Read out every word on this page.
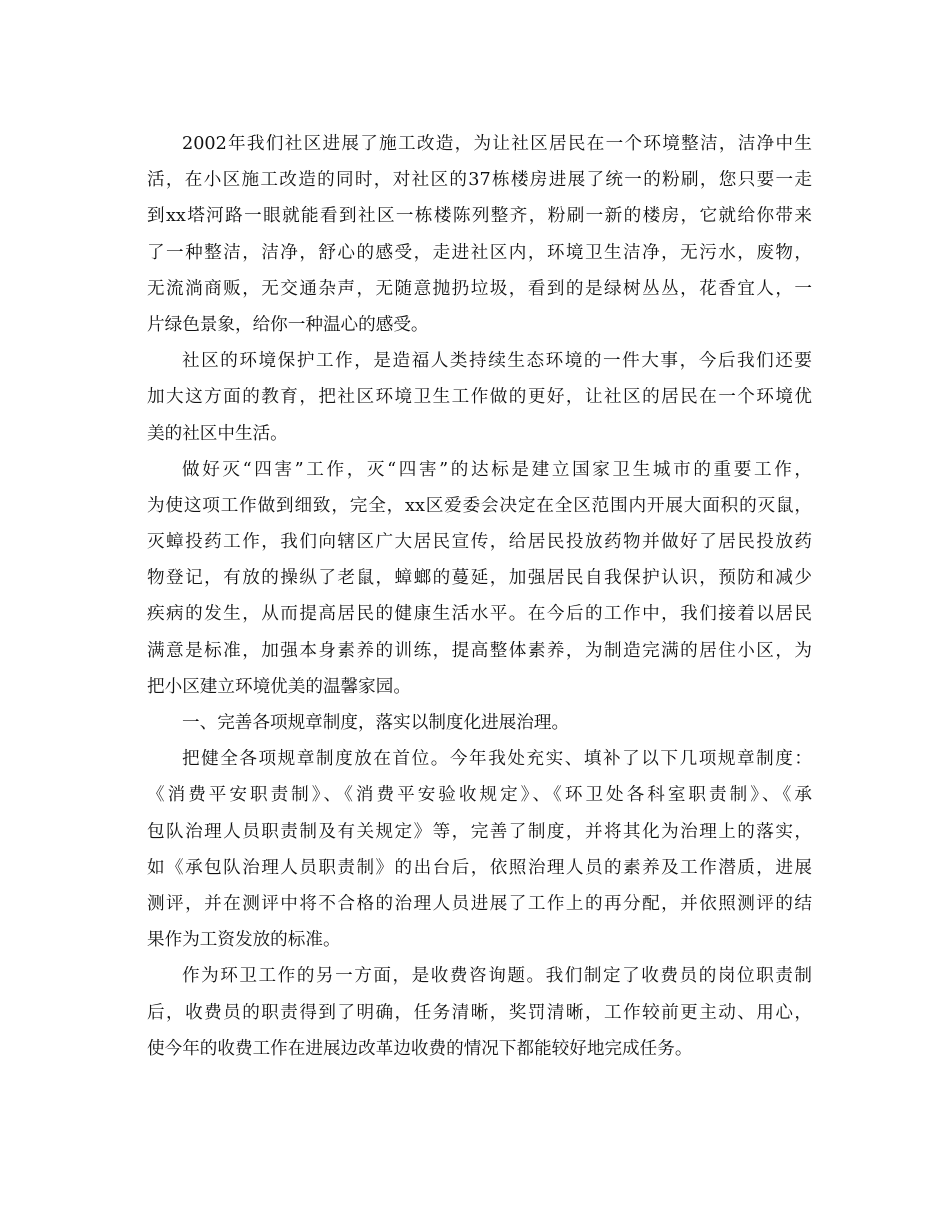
2002年我们社区进展了施工改造，为让社区居民在一个环境整洁，洁净中生
活，在小区施工改造的同时，对社区的37栋楼房进展了统一的粉刷，您只要一走
到xx塔河路一眼就能看到社区一栋楼陈列整齐，粉刷一新的楼房，它就给你带来
了一种整洁，洁净，舒心的感受，走进社区内，环境卫生洁净，无污水，废物，
无流淌商贩，无交通杂声，无随意抛扔垃圾，看到的是绿树丛丛，花香宜人，一
片绿色景象，给你一种温心的感受。
社区的环境保护工作，是造福人类持续生态环境的一件大事，今后我们还要
加大这方面的教育，把社区环境卫生工作做的更好，让社区的居民在一个环境优
美的社区中生活。
做好灭“四害”工作，灭“四害”的达标是建立国家卫生城市的重要工作，
为使这项工作做到细致，完全，xx区爱委会决定在全区范围内开展大面积的灭鼠，
灭蟑投药工作，我们向辖区广大居民宣传，给居民投放药物并做好了居民投放药
物登记，有放的操纵了老鼠，蟑螂的蔓延，加强居民自我保护认识，预防和减少
疾病的发生，从而提高居民的健康生活水平。在今后的工作中，我们接着以居民
满意是标准，加强本身素养的训练，提高整体素养，为制造完满的居住小区，为
把小区建立环境优美的温馨家园。
一、完善各项规章制度，落实以制度化进展治理。
把健全各项规章制度放在首位。今年我处充实、填补了以下几项规章制度：
《消费平安职责制》、《消费平安验收规定》、《环卫处各科室职责制》、《承
包队治理人员职责制及有关规定》等，完善了制度，并将其化为治理上的落实，
如《承包队治理人员职责制》的出台后，依照治理人员的素养及工作潜质，进展
测评，并在测评中将不合格的治理人员进展了工作上的再分配，并依照测评的结
果作为工资发放的标准。
作为环卫工作的另一方面，是收费咨询题。我们制定了收费员的岗位职责制
后，收费员的职责得到了明确，任务清晰，奖罚清晰，工作较前更主动、用心，
使今年的收费工作在进展边改革边收费的情况下都能较好地完成任务。
